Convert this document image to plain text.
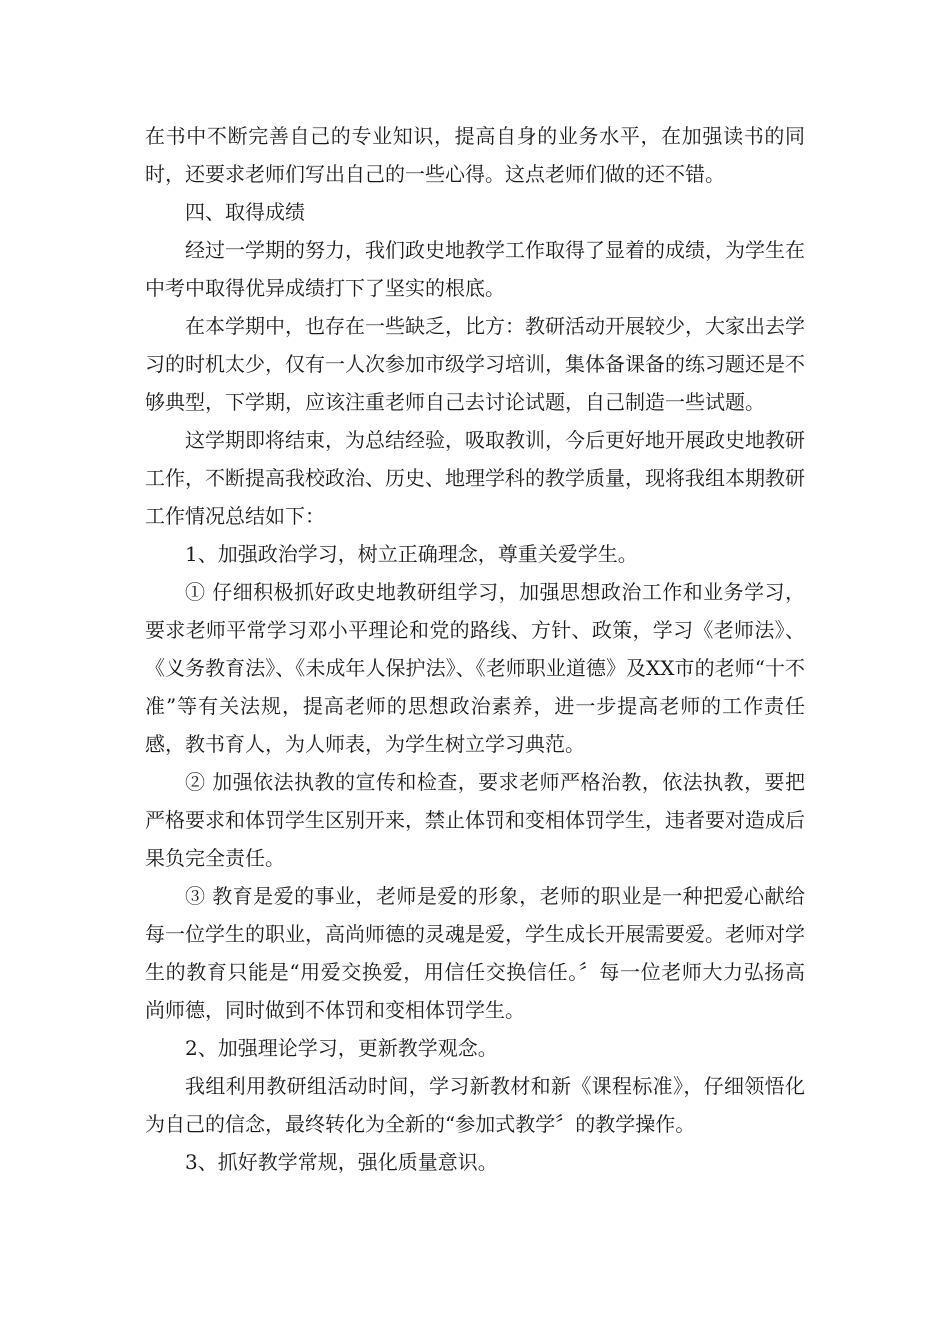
在书中不断完善自己的专业知识，提高自身的业务水平，在加强读书的同时，还要求老师们写出自己的一些心得。这点老师们做的还不错。

四、取得成绩

经过一学期的努力，我们政史地教学工作取得了显着的成绩，为学生在中考中取得优异成绩打下了坚实的根底。

在本学期中，也存在一些缺乏，比方：教研活动开展较少，大家出去学习的时机太少，仅有一人次参加市级学习培训，集体备课备的练习题还是不够典型，下学期，应该注重老师自己去讨论试题，自己制造一些试题。

这学期即将结束，为总结经验，吸取教训，今后更好地开展政史地教研工作，不断提高我校政治、历史、地理学科的教学质量，现将我组本期教研工作情况总结如下：

1、加强政治学习，树立正确理念，尊重关爱学生。

① 仔细积极抓好政史地教研组学习，加强思想政治工作和业务学习，要求老师平常学习邓小平理论和党的路线、方针、政策，学习《老师法》、《义务教育法》、《未成年人保护法》、《老师职业道德》及XX市的老师“十不准”等有关法规，提高老师的思想政治素养，进一步提高老师的工作责任感，教书育人，为人师表，为学生树立学习典范。

② 加强依法执教的宣传和检查，要求老师严格治教，依法执教，要把严格要求和体罚学生区别开来，禁止体罚和变相体罚学生，违者要对造成后果负完全责任。

③ 教育是爱的事业，老师是爱的形象，老师的职业是一种把爱心献给每一位学生的职业，高尚师德的灵魂是爱，学生成长开展需要爱。老师对学生的教育只能是“用爱交换爱，用信任交换信任。〞每一位老师大力弘扬高尚师德，同时做到不体罚和变相体罚学生。

2、加强理论学习，更新教学观念。

我组利用教研组活动时间，学习新教材和新《课程标准》，仔细领悟化为自己的信念，最终转化为全新的“参加式教学〞的教学操作。

3、抓好教学常规，强化质量意识。
